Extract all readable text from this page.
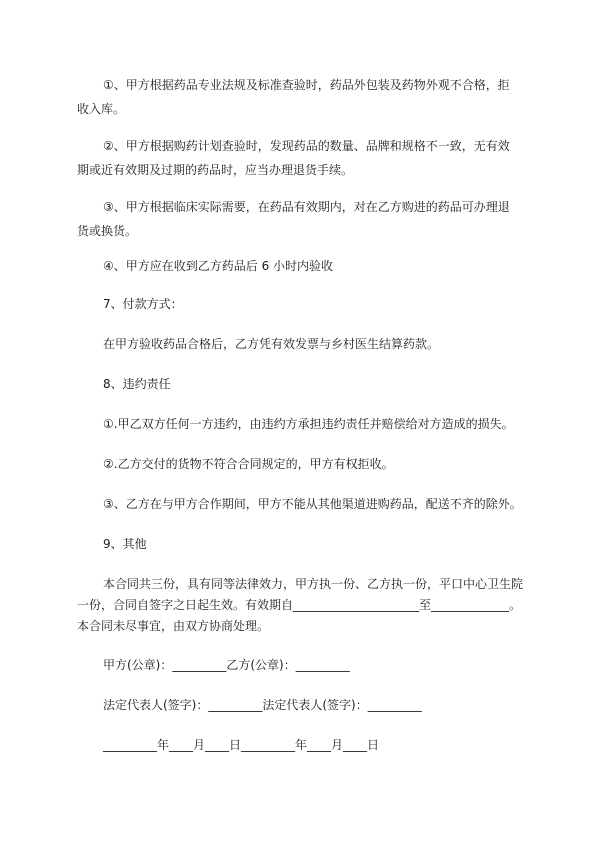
①、甲方根据药品专业法规及标准查验时，药品外包装及药物外观不合格，拒
收入库。
②、甲方根据购药计划查验时，发现药品的数量、品牌和规格不一致，无有效
期或近有效期及过期的药品时，应当办理退货手续。
③、甲方根据临床实际需要，在药品有效期内，对在乙方购进的药品可办理退
货或换货。
④、甲方应在收到乙方药品后 6 小时内验收
7、付款方式：
在甲方验收药品合格后，乙方凭有效发票与乡村医生结算药款。
8、违约责任
①.甲乙双方任何一方违约，由违约方承担违约责任并赔偿给对方造成的损失。
②.乙方交付的货物不符合合同规定的，甲方有权拒收。
③、乙方在与甲方合作期间，甲方不能从其他渠道进购药品，配送不齐的除外。
9、其他
本合同共三份，具有同等法律效力，甲方执一份、乙方执一份，平口中心卫生院
一份，合同自签字之日起生效。有效期自_____________________至_____________。
本合同未尽事宜，由双方协商处理。
甲方(公章)：_________乙方(公章)：_________
法定代表人(签字)：_________法定代表人(签字)：_________
_________年____月____日_________年____月____日
